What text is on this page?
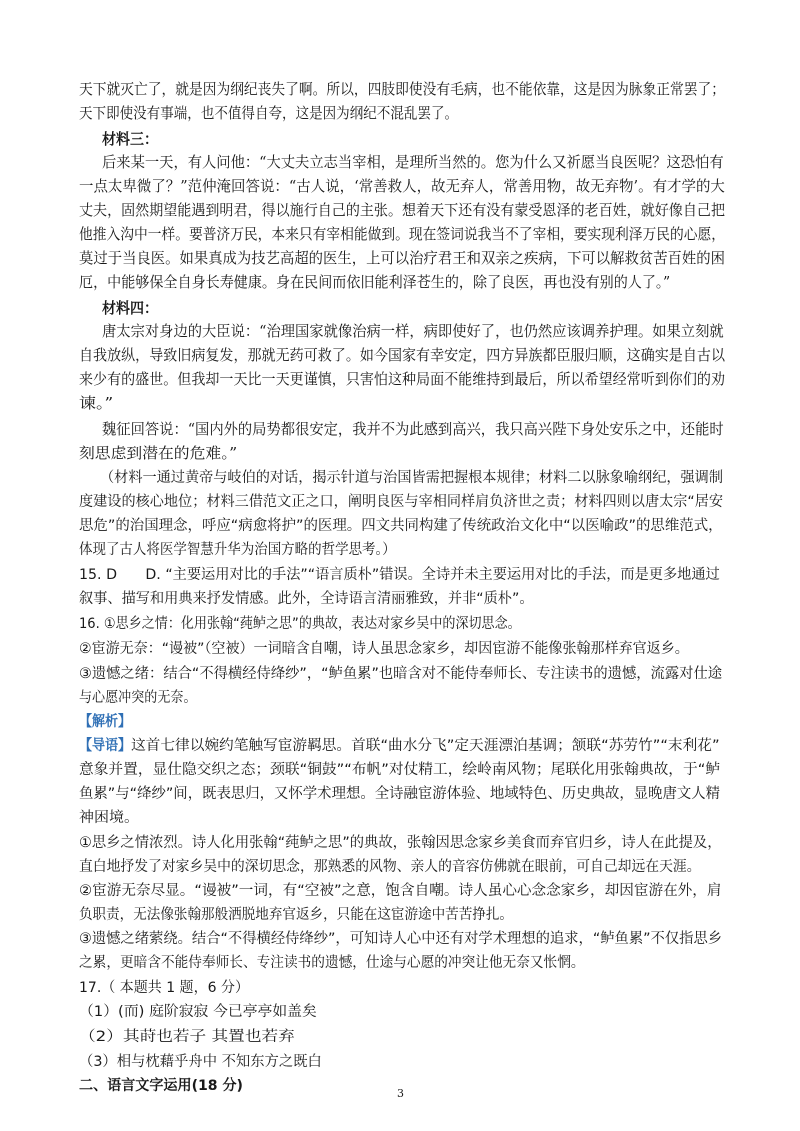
天下就灭亡了，就是因为纲纪丧失了啊。所以，四肢即使没有毛病，也不能依靠，这是因为脉象正常罢了；
天下即使没有事端，也不值得自夸，这是因为纲纪不混乱罢了。
材料三：
后来某一天，有人问他：“大丈夫立志当宰相，是理所当然的。您为什么又祈愿当良医呢？这恐怕有
一点太卑微了？”范仲淹回答说：“古人说，‘常善救人，故无弃人，常善用物，故无弃物’。有才学的大
丈夫，固然期望能遇到明君，得以施行自己的主张。想着天下还有没有蒙受恩泽的老百姓，就好像自己把
他推入沟中一样。要普济万民，本来只有宰相能做到。现在签词说我当不了宰相，要实现利泽万民的心愿，
莫过于当良医。如果真成为技艺高超的医生，上可以治疗君王和双亲之疾病，下可以解救贫苦百姓的困
厄，中能够保全自身长寿健康。身在民间而依旧能利泽苍生的，除了良医，再也没有别的人了。”
材料四：
唐太宗对身边的大臣说：“治理国家就像治病一样，病即使好了，也仍然应该调养护理。如果立刻就
自我放纵，导致旧病复发，那就无药可救了。如今国家有幸安定，四方异族都臣服归顺，这确实是自古以
来少有的盛世。但我却一天比一天更谨慎，只害怕这种局面不能维持到最后，所以希望经常听到你们的劝
谏。”
魏征回答说：“国内外的局势都很安定，我并不为此感到高兴，我只高兴陛下身处安乐之中，还能时
刻思虑到潜在的危难。”
（材料一通过黄帝与岐伯的对话，揭示针道与治国皆需把握根本规律；材料二以脉象喻纲纪，强调制
度建设的核心地位；材料三借范文正之口，阐明良医与宰相同样肩负济世之责；材料四则以唐太宗“居安
思危”的治国理念，呼应“病愈将护”的医理。四文共同构建了传统政治文化中“以医喻政”的思维范式，
体现了古人将医学智慧升华为治国方略的哲学思考。）
15. D　　D. “主要运用对比的手法”“语言质朴”错误。全诗并未主要运用对比的手法，而是更多地通过
叙事、描写和用典来抒发情感。此外，全诗语言清丽雅致，并非“质朴”。
16. ①思乡之情：化用张翰“莼鲈之思”的典故，表达对家乡吴中的深切思念。
②宦游无奈：“谩被”（空被）一词暗含自嘲，诗人虽思念家乡，却因宦游不能像张翰那样弃官返乡。
③遗憾之绪：结合“不得横经侍绛纱”，“鲈鱼累”也暗含对不能侍奉师长、专注读书的遗憾，流露对仕途
与心愿冲突的无奈。
【解析】
【导语】 这首七律以婉约笔触写宦游羁思。首联“曲水分飞”定天涯漂泊基调；颔联“苏劳竹”“末利花”
意象并置，显仕隐交织之态；颈联“铜鼓”“布帆”对仗精工，绘岭南风物；尾联化用张翰典故，于“鲈
鱼累”与“绛纱”间，既表思归，又怀学术理想。全诗融宦游体验、地域特色、历史典故，显晚唐文人精
神困境。
①思乡之情浓烈。诗人化用张翰“莼鲈之思”的典故，张翰因思念家乡美食而弃官归乡，诗人在此提及，
直白地抒发了对家乡吴中的深切思念，那熟悉的风物、亲人的音容仿佛就在眼前，可自己却远在天涯。
②宦游无奈尽显。“谩被”一词，有“空被”之意，饱含自嘲。诗人虽心心念念家乡，却因宦游在外，肩
负职责，无法像张翰那般洒脱地弃官返乡，只能在这宦游途中苦苦挣扎。
③遗憾之绪萦绕。结合“不得横经侍绛纱”，可知诗人心中还有对学术理想的追求，“鲈鱼累”不仅指思乡
之累，更暗含不能侍奉师长、专注读书的遗憾，仕途与心愿的冲突让他无奈又怅惘。
17.（ 本题共 1 题，6 分）
（1）(而) 庭阶寂寂 今已亭亭如盖矣
（2）其莳也若子 其置也若弃
（3）相与枕藉乎舟中 不知东方之既白
二、语言文字运用(18 分)	3
